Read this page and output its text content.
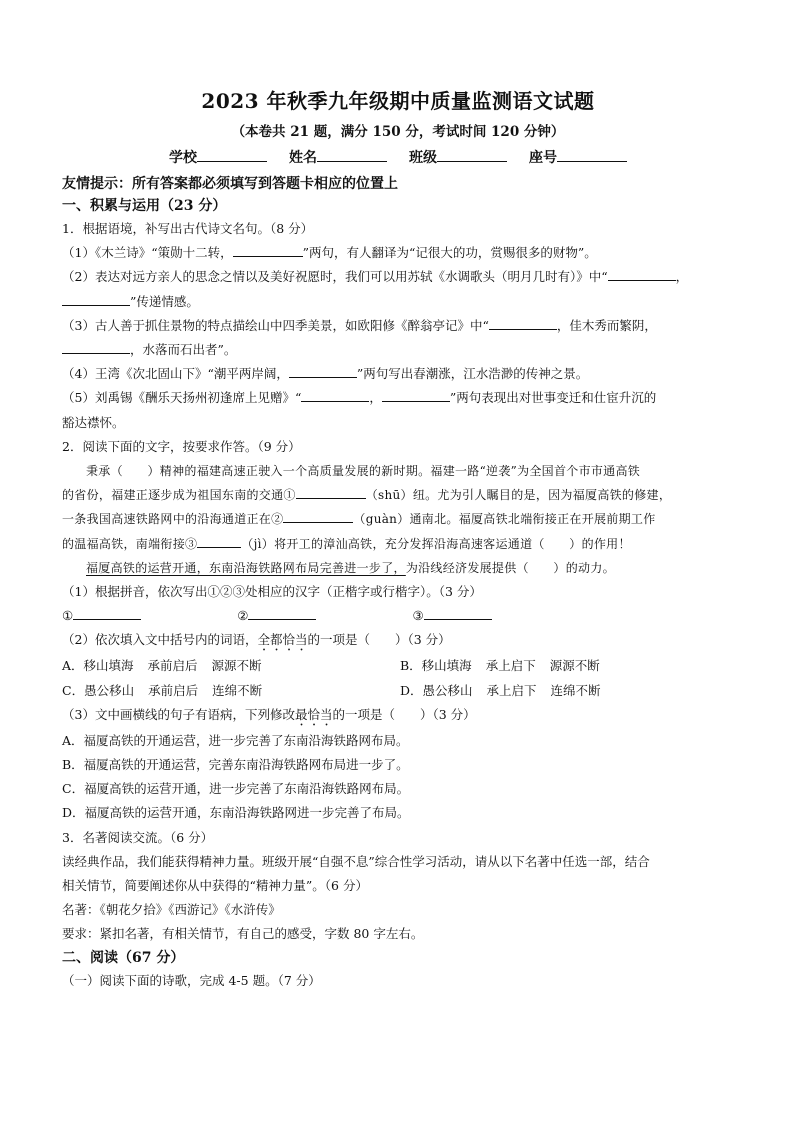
2023 年秋季九年级期中质量监测语文试题
（本卷共 21 题，满分 150 分，考试时间 120 分钟）
学校	姓名	班级	座号
友情提示：所有答案都必须填写到答题卡相应的位置上
一、积累与运用（23 分）

1．根据语境，补写出古代诗文名句。（8 分）

（1）《木兰诗》“策勋十二转，	”两句，有人翻译为“记很大的功，赏赐很多的财物”。

（2）表达对远方亲人的思念之情以及美好祝愿时，我们可以用苏轼《水调歌头（明月几时有）》中“	，

”传递情感。

（3）古人善于抓住景物的特点描绘山中四季美景，如欧阳修《醉翁亭记》中“	，佳木秀而繁阴，

，水落而石出者”。

（4）王湾《次北固山下》“潮平两岸阔，	”两句写出春潮涨，江水浩渺的传神之景。

（5）刘禹锡《酬乐天扬州初逢席上见赠》“	，	”两句表现出对世事变迁和仕宦升沉的

豁达襟怀。

2．阅读下面的文字，按要求作答。（9 分）

秉承（　　）精神的福建高速正驶入一个高质量发展的新时期。福建一路“逆袭”为全国首个市市通高铁

的省份，福建正逐步成为祖国东南的交通①	（shū）纽。尤为引人瞩目的是，因为福厦高铁的修建，

一条我国高速铁路网中的沿海通道正在②	（guàn）通南北。福厦高铁北端衔接正在开展前期工作

的温福高铁，南端衔接③	（jì）将开工的漳汕高铁，充分发挥沿海高速客运通道（　　）的作用！

福厦高铁的运营开通，东南沿海铁路网布局完善进一步了，为沿线经济发展提供（　　）的动力。

（1）根据拼音，依次写出①②③处相应的汉字（正楷字或行楷字）。（3 分）

①	②	③

（2）依次填入文中括号内的词语，全都恰当的一项是（　　）（3 分）

A．移山填海 承前启后 源源不断	B．移山填海 承上启下 源源不断
C．愚公移山 承前启后 连绵不断	D．愚公移山 承上启下 连绵不断

（3）文中画横线的句子有语病，下列修改最恰当的一项是（　　）（3 分）

A．福厦高铁的开通运营，进一步完善了东南沿海铁路网布局。

B．福厦高铁的开通运营，完善东南沿海铁路网布局进一步了。

C．福厦高铁的运营开通，进一步完善了东南沿海铁路网布局。

D．福厦高铁的运营开通，东南沿海铁路网进一步完善了布局。

3．名著阅读交流。（6 分）

读经典作品，我们能获得精神力量。班级开展“自强不息”综合性学习活动，请从以下名著中任选一部，结合

相关情节，简要阐述你从中获得的“精神力量”。（6 分）

名著：《朝花夕拾》《西游记》《水浒传》

要求：紧扣名著，有相关情节，有自己的感受，字数 80 字左右。

二、阅读（67 分）

（一）阅读下面的诗歌，完成 4-5 题。（7 分）
